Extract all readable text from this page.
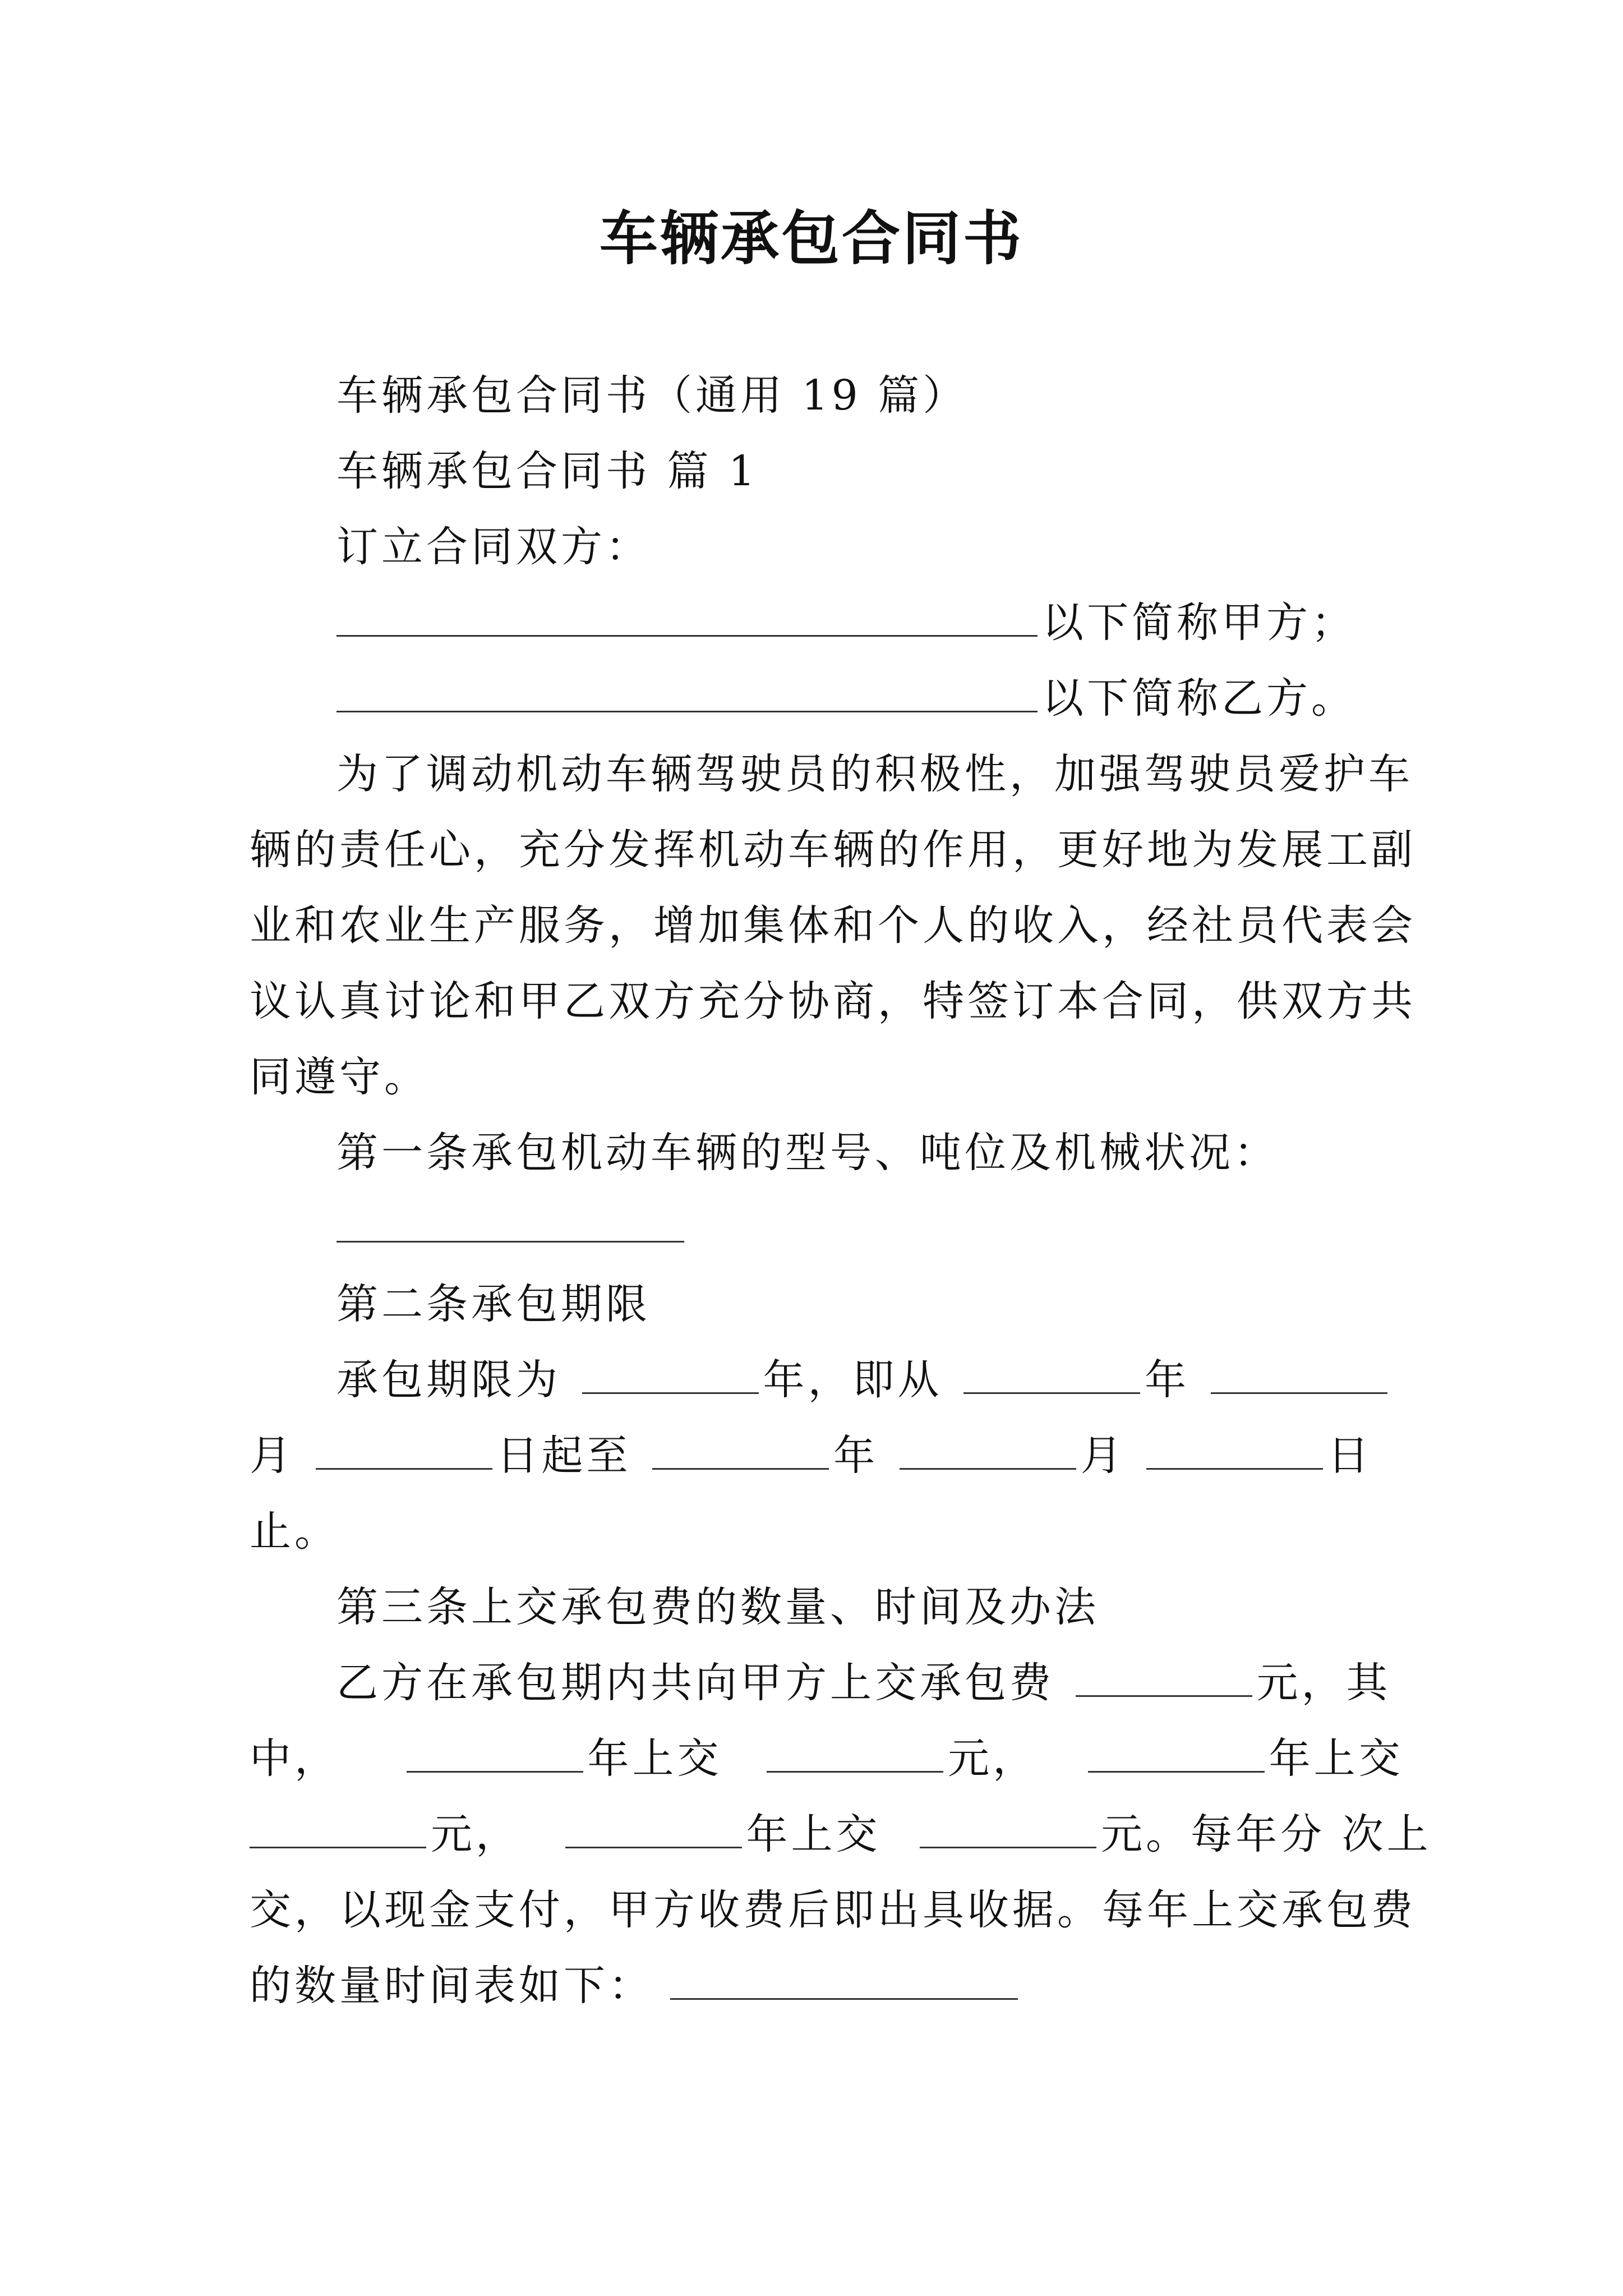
车辆承包合同书
车辆承包合同书（通用 19 篇）
车辆承包合同书 篇 1
订立合同双方：
以下简称甲方；
以下简称乙方。
为了调动机动车辆驾驶员的积极性，加强驾驶员爱护车
辆的责任心，充分发挥机动车辆的作用，更好地为发展工副
业和农业生产服务，增加集体和个人的收入，经社员代表会
议认真讨论和甲乙双方充分协商，特签订本合同，供双方共
同遵守。
第一条承包机动车辆的型号、吨位及机械状况：
第二条承包期限
承包期限为	年，即从	年
月	日起至	年	月	日
止。
第三条上交承包费的数量、时间及办法
乙方在承包期内共向甲方上交承包费	元，其
中，	年上交	元，	年上交
元，	年上交	元。每年分 次上
交，以现金支付，甲方收费后即出具收据。每年上交承包费
的数量时间表如下：
